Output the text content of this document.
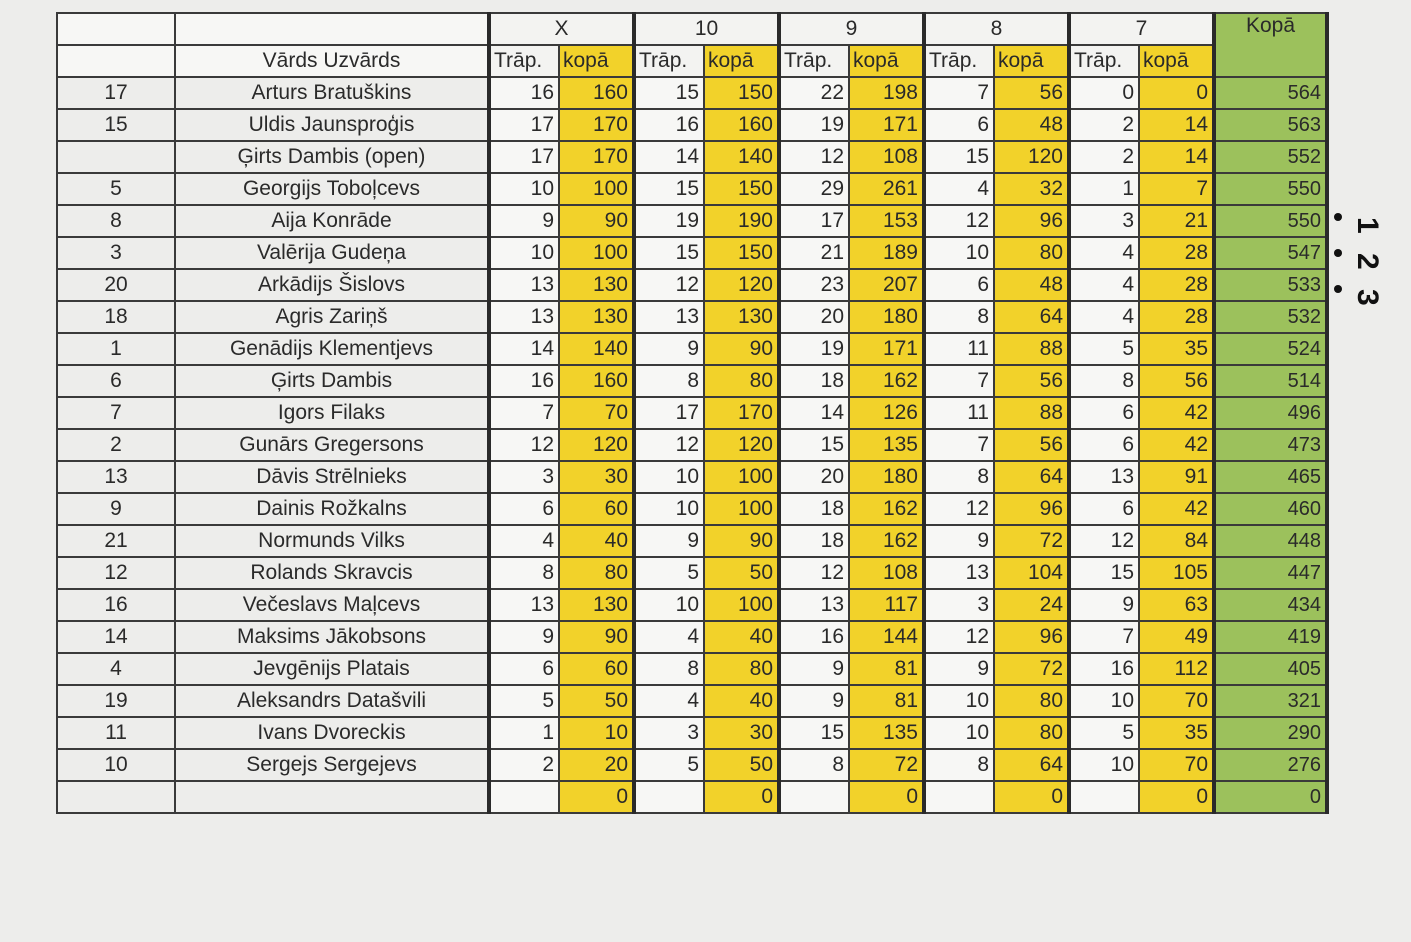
		X		10		9		8		7		Kopā
	Vārds Uzvārds	Trāp.	kopā	Trāp.	kopā	Trāp.	kopā	Trāp.	kopā	Trāp.	kopā	
17	Arturs Bratuškins	16	160	15	150	22	198	7	56	0	0	564
15	Uldis Jaunsproģis	17	170	16	160	19	171	6	48	2	14	563
	Ģirts Dambis (open)	17	170	14	140	12	108	15	120	2	14	552
5	Georgijs Toboļcevs	10	100	15	150	29	261	4	32	1	7	550
8	Aija Konrāde	9	90	19	190	17	153	12	96	3	21	550
3	Valērija Gudeņa	10	100	15	150	21	189	10	80	4	28	547
20	Arkādijs Šislovs	13	130	12	120	23	207	6	48	4	28	533
18	Agris Zariņš	13	130	13	130	20	180	8	64	4	28	532
1	Genādijs Klementjevs	14	140	9	90	19	171	11	88	5	35	524
6	Ģirts Dambis	16	160	8	80	18	162	7	56	8	56	514
7	Igors Filaks	7	70	17	170	14	126	11	88	6	42	496
2	Gunārs Gregersons	12	120	12	120	15	135	7	56	6	42	473
13	Dāvis Strēlnieks	3	30	10	100	20	180	8	64	13	91	465
9	Dainis Rožkalns	6	60	10	100	18	162	12	96	6	42	460
21	Normunds Vilks	4	40	9	90	18	162	9	72	12	84	448
12	Rolands Skravcis	8	80	5	50	12	108	13	104	15	105	447
16	Večeslavs Maļcevs	13	130	10	100	13	117	3	24	9	63	434
14	Maksims Jākobsons	9	90	4	40	16	144	12	96	7	49	419
4	Jevgēnijs Platais	6	60	8	80	9	81	9	72	16	112	405
19	Aleksandrs Datašvili	5	50	4	40	9	81	10	80	10	70	321
11	Ivans Dvoreckis	1	10	3	30	15	135	10	80	5	35	290
10	Sergejs Sergejevs	2	20	5	50	8	72	8	64	10	70	276
			0		0		0		0		0	0
1
2
3
